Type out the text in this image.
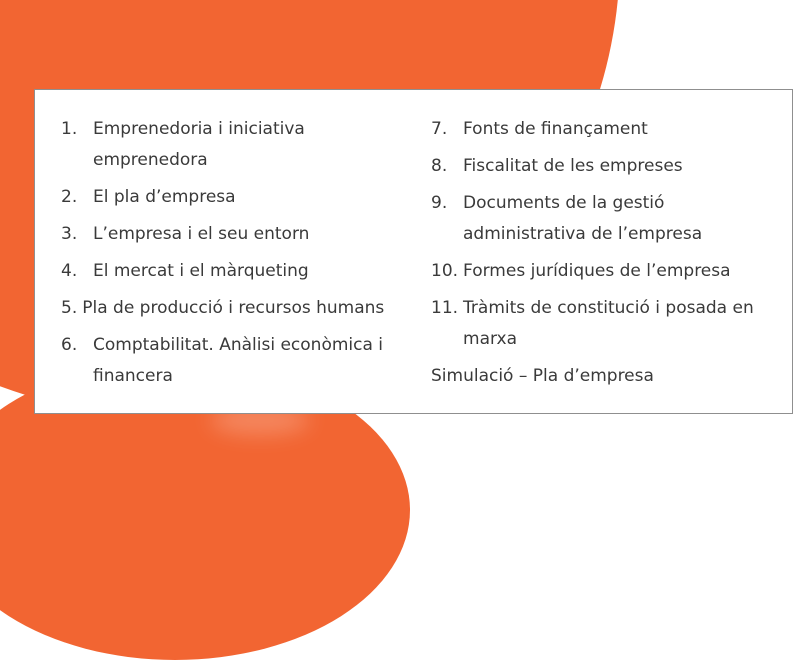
1. Emprenedoria i iniciativa emprenedora
2. El pla d’empresa
3. L’empresa i el seu entorn
4. El mercat i el màrqueting
5. Pla de producció i recursos humans
6. Comptabilitat. Anàlisi econòmica i financera
7. Fonts de finançament
8. Fiscalitat de les empreses
9. Documents de la gestió administrativa de l’empresa
10. Formes jurídiques de l’empresa
11. Tràmits de constitució i posada en marxa
Simulació – Pla d’empresa
